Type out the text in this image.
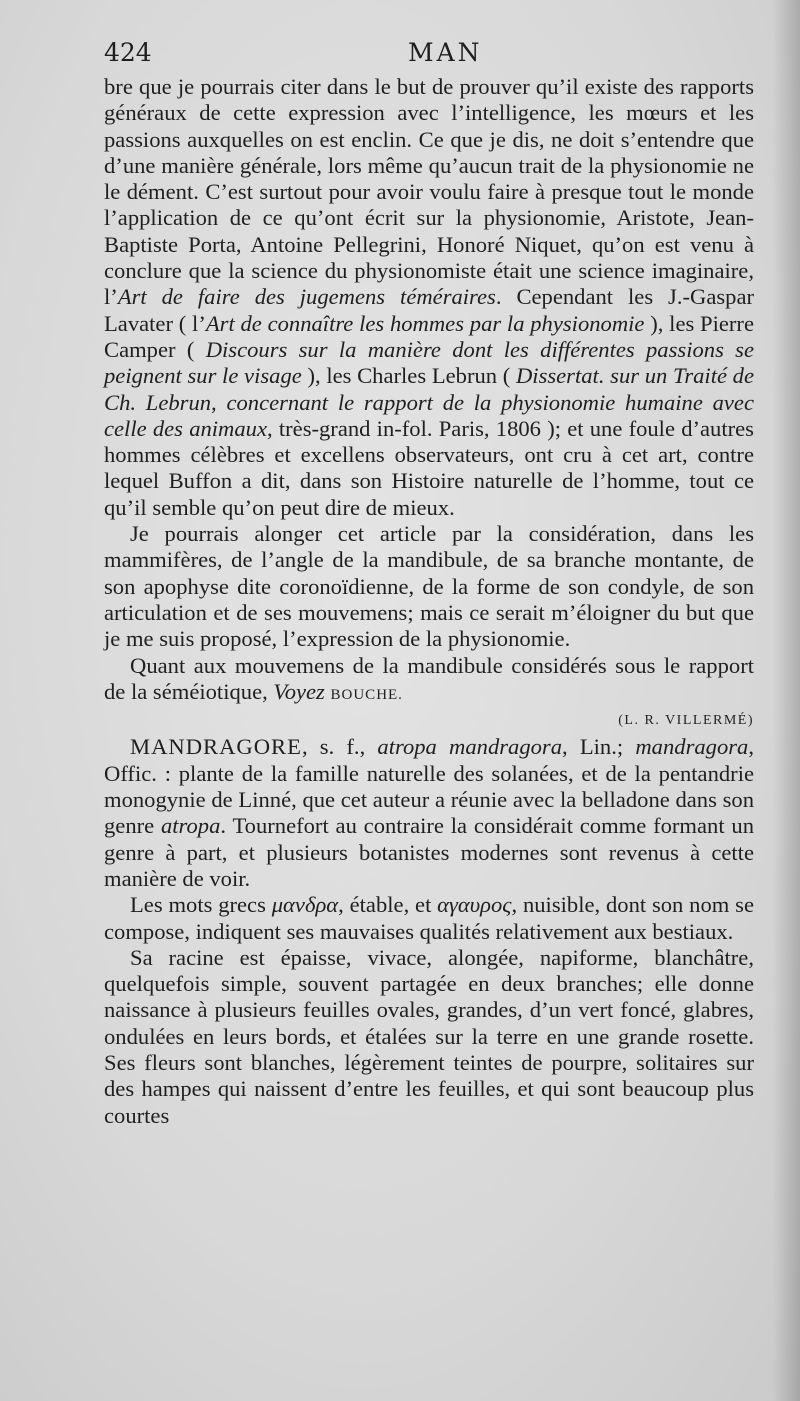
424	MAN

bre que je pourrais citer dans le but de prouver qu’il existe des rapports généraux de cette expression avec l’intelligence, les mœurs et les passions auxquelles on est enclin. Ce que je dis, ne doit s’entendre que d’une manière générale, lors même qu’aucun trait de la physionomie ne le dément. C’est surtout pour avoir voulu faire à presque tout le monde l’application de ce qu’ont écrit sur la physionomie, Aristote, Jean-Baptiste Porta, Antoine Pellegrini, Honoré Niquet, qu’on est venu à conclure que la science du physionomiste était une science imaginaire, l’Art de faire des jugemens téméraires. Cependant les J.-Gaspar Lavater ( l’Art de connaître les hommes par la physionomie ), les Pierre Camper ( Discours sur la manière dont les différentes passions se peignent sur le visage ), les Charles Lebrun ( Dissertat. sur un Traité de Ch. Lebrun, concernant le rapport de la physionomie humaine avec celle des animaux, très-grand in-fol. Paris, 1806 ); et une foule d’autres hommes célèbres et excellens observateurs, ont cru à cet art, contre lequel Buffon a dit, dans son Histoire naturelle de l’homme, tout ce qu’il semble qu’on peut dire de mieux.

Je pourrais alonger cet article par la considération, dans les mammifères, de l’angle de la mandibule, de sa branche montante, de son apophyse dite coronoïdienne, de la forme de son condyle, de son articulation et de ses mouvemens; mais ce serait m’éloigner du but que je me suis proposé, l’expression de la physionomie.

Quant aux mouvemens de la mandibule considérés sous le rapport de la séméiotique, Voyez BOUCHE.

(L. R. VILLERMÉ)

MANDRAGORE, s. f., atropa mandragora, Lin.; mandragora, Offic. : plante de la famille naturelle des solanées, et de la pentandrie monogynie de Linné, que cet auteur a réunie avec la belladone dans son genre atropa. Tournefort au contraire la considérait comme formant un genre à part, et plusieurs botanistes modernes sont revenus à cette manière de voir.

Les mots grecs μανδρα, étable, et αγαυρος, nuisible, dont son nom se compose, indiquent ses mauvaises qualités relativement aux bestiaux.

Sa racine est épaisse, vivace, alongée, napiforme, blanchâtre, quelquefois simple, souvent partagée en deux branches; elle donne naissance à plusieurs feuilles ovales, grandes, d’un vert foncé, glabres, ondulées en leurs bords, et étalées sur la terre en une grande rosette. Ses fleurs sont blanches, légèrement teintes de pourpre, solitaires sur des hampes qui naissent d’entre les feuilles, et qui sont beaucoup plus courtes
